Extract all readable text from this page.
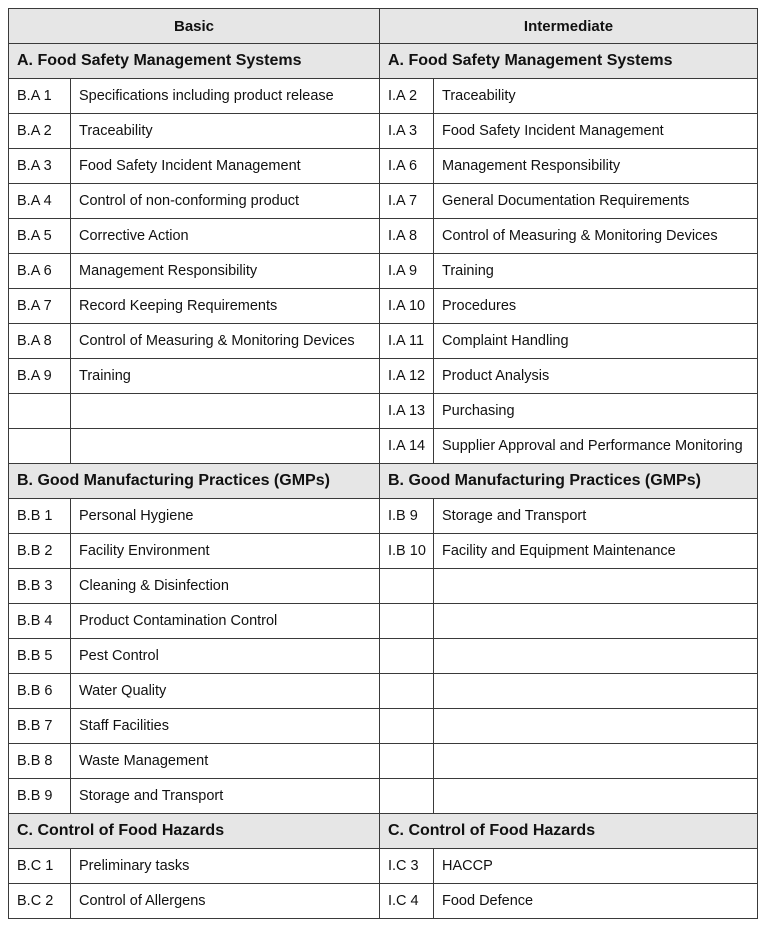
Basic		Intermediate	
A. Food Safety Management Systems		A. Food Safety Management Systems	
B.A 1	Specifications including product release	I.A 2	Traceability
B.A 2	Traceability	I.A 3	Food Safety Incident Management
B.A 3	Food Safety Incident Management	I.A 6	Management Responsibility
B.A 4	Control of non-conforming product	I.A 7	General Documentation Requirements
B.A 5	Corrective Action	I.A 8	Control of Measuring & Monitoring Devices
B.A 6	Management Responsibility	I.A 9	Training
B.A 7	Record Keeping Requirements	I.A 10	Procedures
B.A 8	Control of Measuring & Monitoring Devices	I.A 11	Complaint Handling
B.A 9	Training	I.A 12	Product Analysis
		I.A 13	Purchasing
		I.A 14	Supplier Approval and Performance Monitoring
B. Good Manufacturing Practices (GMPs)		B. Good Manufacturing Practices (GMPs)	
B.B 1	Personal Hygiene	I.B 9	Storage and Transport
B.B 2	Facility Environment	I.B 10	Facility and Equipment Maintenance
B.B 3	Cleaning & Disinfection		
B.B 4	Product Contamination Control		
B.B 5	Pest Control		
B.B 6	Water Quality		
B.B 7	Staff Facilities		
B.B 8	Waste Management		
B.B 9	Storage and Transport		
C. Control of Food Hazards		C. Control of Food Hazards	
B.C 1	Preliminary tasks	I.C 3	HACCP
B.C 2	Control of Allergens	I.C 4	Food Defence
